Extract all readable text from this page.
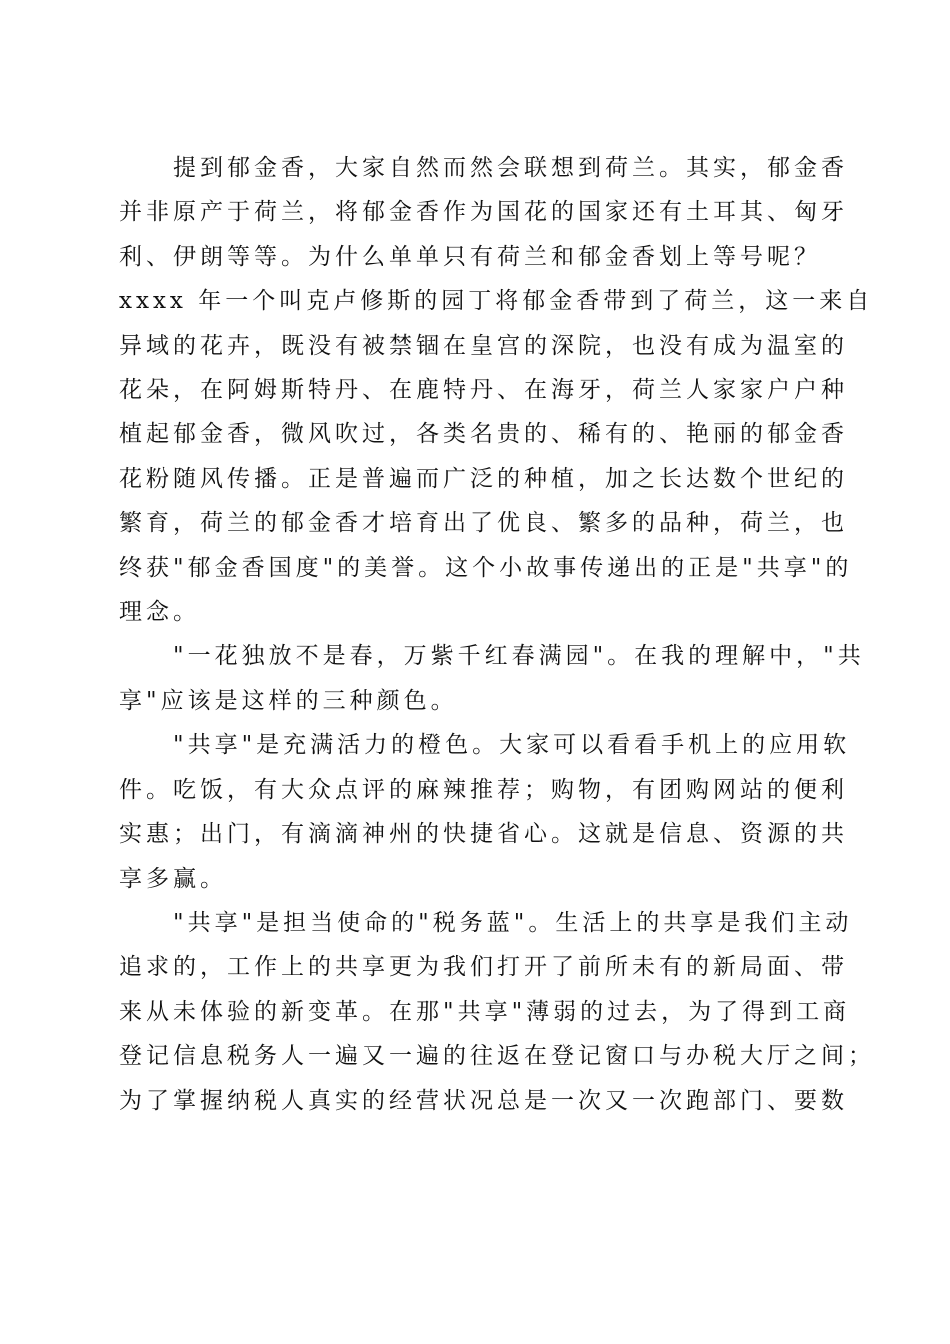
　　提到郁金香，大家自然而然会联想到荷兰。其实，郁金香
并非原产于荷兰，将郁金香作为国花的国家还有土耳其、匈牙
利、伊朗等等。为什么单单只有荷兰和郁金香划上等号呢？
xxxx 年一个叫克卢修斯的园丁将郁金香带到了荷兰，这一来自
异域的花卉，既没有被禁锢在皇宫的深院，也没有成为温室的
花朵，在阿姆斯特丹、在鹿特丹、在海牙，荷兰人家家户户种
植起郁金香，微风吹过，各类名贵的、稀有的、艳丽的郁金香
花粉随风传播。正是普遍而广泛的种植，加之长达数个世纪的
繁育，荷兰的郁金香才培育出了优良、繁多的品种，荷兰，也
终获"郁金香国度"的美誉。这个小故事传递出的正是"共享"的
理念。

　　"一花独放不是春，万紫千红春满园"。在我的理解中，"共
享"应该是这样的三种颜色。

　　"共享"是充满活力的橙色。大家可以看看手机上的应用软
件。吃饭，有大众点评的麻辣推荐；购物，有团购网站的便利
实惠；出门，有滴滴神州的快捷省心。这就是信息、资源的共
享多赢。

　　"共享"是担当使命的"税务蓝"。生活上的共享是我们主动
追求的，工作上的共享更为我们打开了前所未有的新局面、带
来从未体验的新变革。在那"共享"薄弱的过去，为了得到工商
登记信息税务人一遍又一遍的往返在登记窗口与办税大厅之间；
为了掌握纳税人真实的经营状况总是一次又一次跑部门、要数
